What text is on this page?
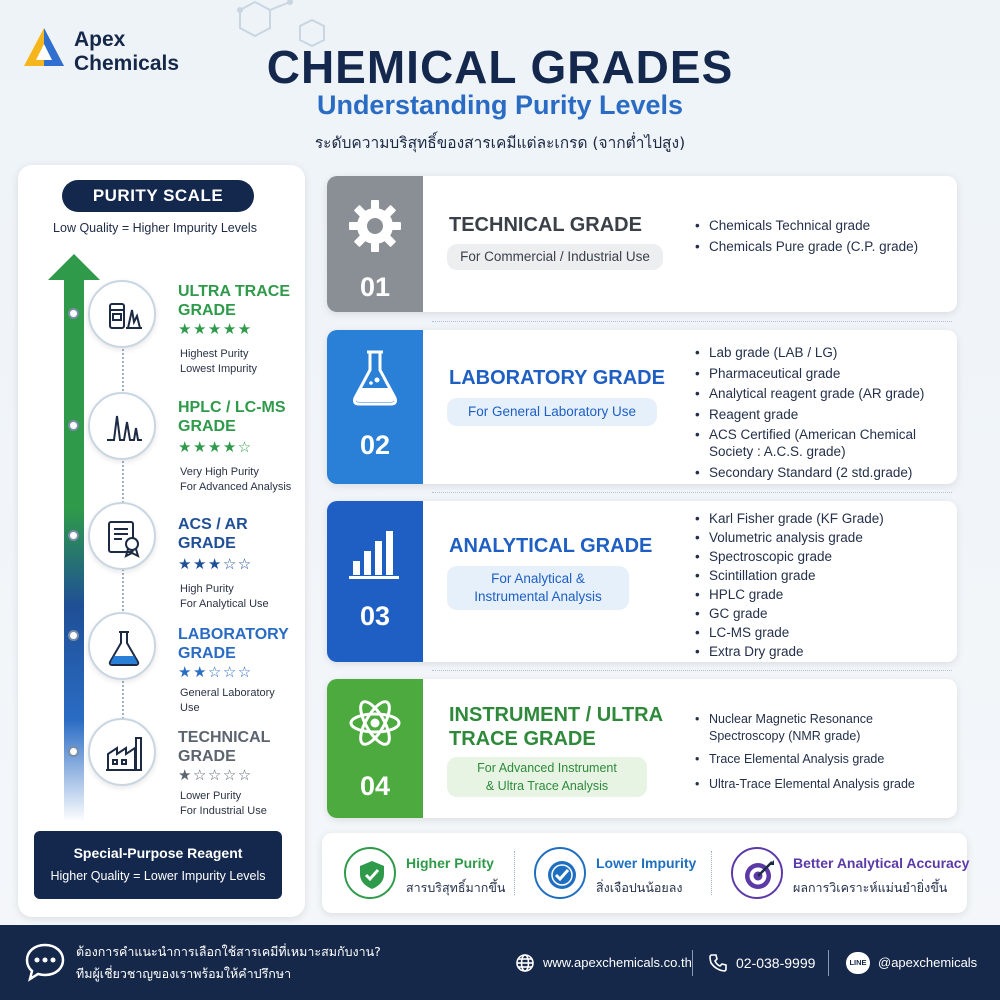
Apex
Chemicals	CHEMICAL GRADES
Understanding Purity Levels
ระดับความบริสุทธิ์ของสารเคมีแต่ละเกรด (จากต่ำไปสูง)
PURITY SCALE
Low Quality = Higher Impurity Levels
ULTRA TRACE
GRADE
★★★★★
Highest Purity
Lowest Impurity
HPLC / LC-MS
GRADE
★★★★☆
Very High Purity
For Advanced Analysis
ACS / AR
GRADE
★★★☆☆
High Purity
For Analytical Use
LABORATORY
GRADE
★★☆☆☆
General Laboratory
Use
TECHNICAL
GRADE
★☆☆☆☆
Lower Purity
For Industrial Use
Special-Purpose Reagent
Higher Quality = Lower Impurity Levels
01
TECHNICAL GRADE
For Commercial / Industrial Use
• Chemicals Technical grade
• Chemicals Pure grade (C.P. grade)
02
LABORATORY GRADE
For General Laboratory Use
• Lab grade (LAB / LG)
• Pharmaceutical grade
• Analytical reagent grade (AR grade)
• Reagent grade
• ACS Certified (American Chemical Society : A.C.S. grade)
• Secondary Standard (2 std.grade)
03
ANALYTICAL GRADE
For Analytical &
Instrumental Analysis
• Karl Fisher grade (KF Grade)
• Volumetric analysis grade
• Spectroscopic grade
• Scintillation grade
• HPLC grade
• GC grade
• LC-MS grade
• Extra Dry grade
04
INSTRUMENT / ULTRA
TRACE GRADE
For Advanced Instrument
& Ultra Trace Analysis
• Nuclear Magnetic Resonance Spectroscopy (NMR grade)
• Trace Elemental Analysis grade
• Ultra-Trace Elemental Analysis grade
Higher Purity
สารบริสุทธิ์มากขึ้น
Lower Impurity
สิ่งเจือปนน้อยลง
Better Analytical Accuracy
ผลการวิเคราะห์แม่นยำยิ่งขึ้น
ต้องการคำแนะนำการเลือกใช้สารเคมีที่เหมาะสมกับงาน?
ทีมผู้เชี่ยวชาญของเราพร้อมให้คำปรึกษา
www.apexchemicals.co.th	02-038-9999	LINE @apexchemicals
